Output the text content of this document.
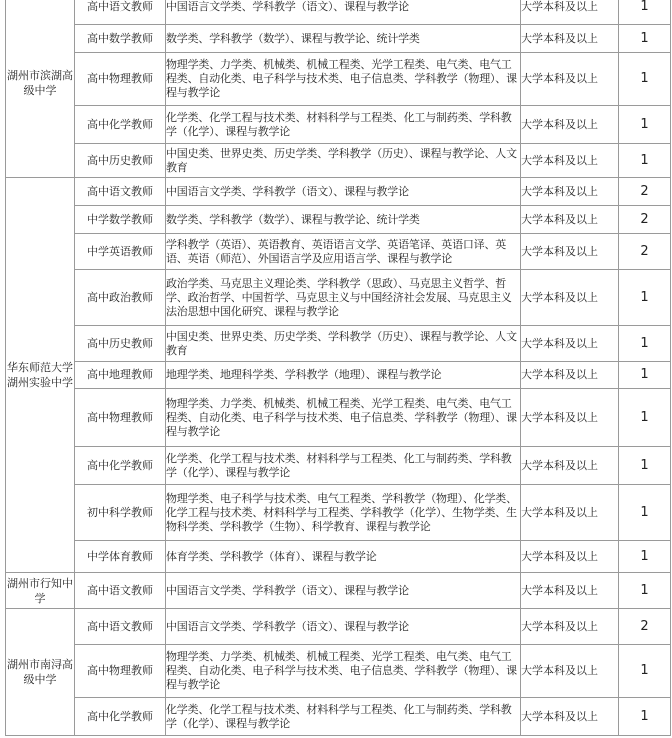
湖州市滨湖高级中学	高中语文教师	中国语言文学类、学科教学（语文）、课程与教学论	大学本科及以上	1
	高中数学教师	数学类、学科教学（数学）、课程与教学论、统计学类	大学本科及以上	1
	高中物理教师	物理学类、力学类、机械类、机械工程类、光学工程类、电气类、电气工程类、自动化类、电子科学与技术类、电子信息类、学科教学（物理）、课程与教学论	大学本科及以上	1
	高中化学教师	化学类、化学工程与技术类、材料科学与工程类、化工与制药类、学科教学（化学）、课程与教学论	大学本科及以上	1
	高中历史教师	中国史类、世界史类、历史学类、学科教学（历史）、课程与教学论、人文教育	大学本科及以上	1
华东师范大学湖州实验中学	高中语文教师	中国语言文学类、学科教学（语文）、课程与教学论	大学本科及以上	2
	中学数学教师	数学类、学科教学（数学）、课程与教学论、统计学类	大学本科及以上	2
	中学英语教师	学科教学（英语）、英语教育、英语语言文学、英语笔译、英语口译、英语、英语（师范）、外国语言学及应用语言学、课程与教学论	大学本科及以上	2
	高中政治教师	政治学类、马克思主义理论类、学科教学（思政）、马克思主义哲学、哲学、政治哲学、中国哲学、马克思主义与中国经济社会发展、马克思主义法治思想中国化研究、课程与教学论	大学本科及以上	1
	高中历史教师	中国史类、世界史类、历史学类、学科教学（历史）、课程与教学论、人文教育	大学本科及以上	1
	高中地理教师	地理学类、地理科学类、学科教学（地理）、课程与教学论	大学本科及以上	1
	高中物理教师	物理学类、力学类、机械类、机械工程类、光学工程类、电气类、电气工程类、自动化类、电子科学与技术类、电子信息类、学科教学（物理）、课程与教学论	大学本科及以上	1
	高中化学教师	化学类、化学工程与技术类、材料科学与工程类、化工与制药类、学科教学（化学）、课程与教学论	大学本科及以上	1
	初中科学教师	物理学类、电子科学与技术类、电气工程类、学科教学（物理）、化学类、化学工程与技术类、材料科学与工程类、学科教学（化学）、生物学类、生物科学类、学科教学（生物）、科学教育、课程与教学论	大学本科及以上	1
	中学体育教师	体育学类、学科教学（体育）、课程与教学论	大学本科及以上	1
湖州市行知中学	高中语文教师	中国语言文学类、学科教学（语文）、课程与教学论	大学本科及以上	1
湖州市南浔高级中学	高中语文教师	中国语言文学类、学科教学（语文）、课程与教学论	大学本科及以上	2
	高中物理教师	物理学类、力学类、机械类、机械工程类、光学工程类、电气类、电气工程类、自动化类、电子科学与技术类、电子信息类、学科教学（物理）、课程与教学论	大学本科及以上	1
	高中化学教师	化学类、化学工程与技术类、材料科学与工程类、化工与制药类、学科教学（化学）、课程与教学论	大学本科及以上	1
